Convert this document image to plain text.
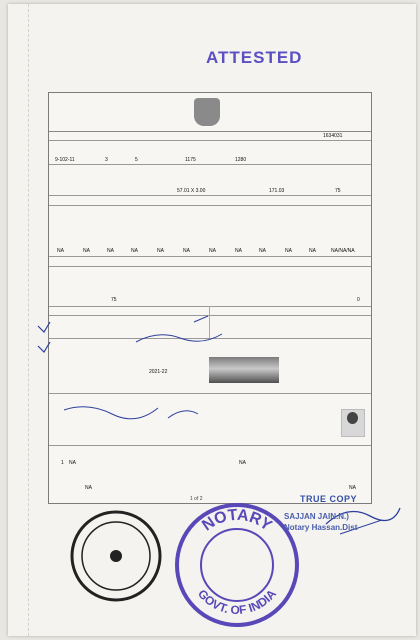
ATTESTED
1634031
9-102-11	3	5	1175	1280
57.01 X 3.00	171.03	75
NA	NA	NA	NA	NA	NA	NA	NA	NA	NA	NA	NA/NA/NA
75	0
2021-22
NA	NA
NA
1
NA
1 of 2
NOTARY
GOVT. OF INDIA
TRUE COPY
SAJJAN JAIN.N.)
Notary Hassan.Dist
